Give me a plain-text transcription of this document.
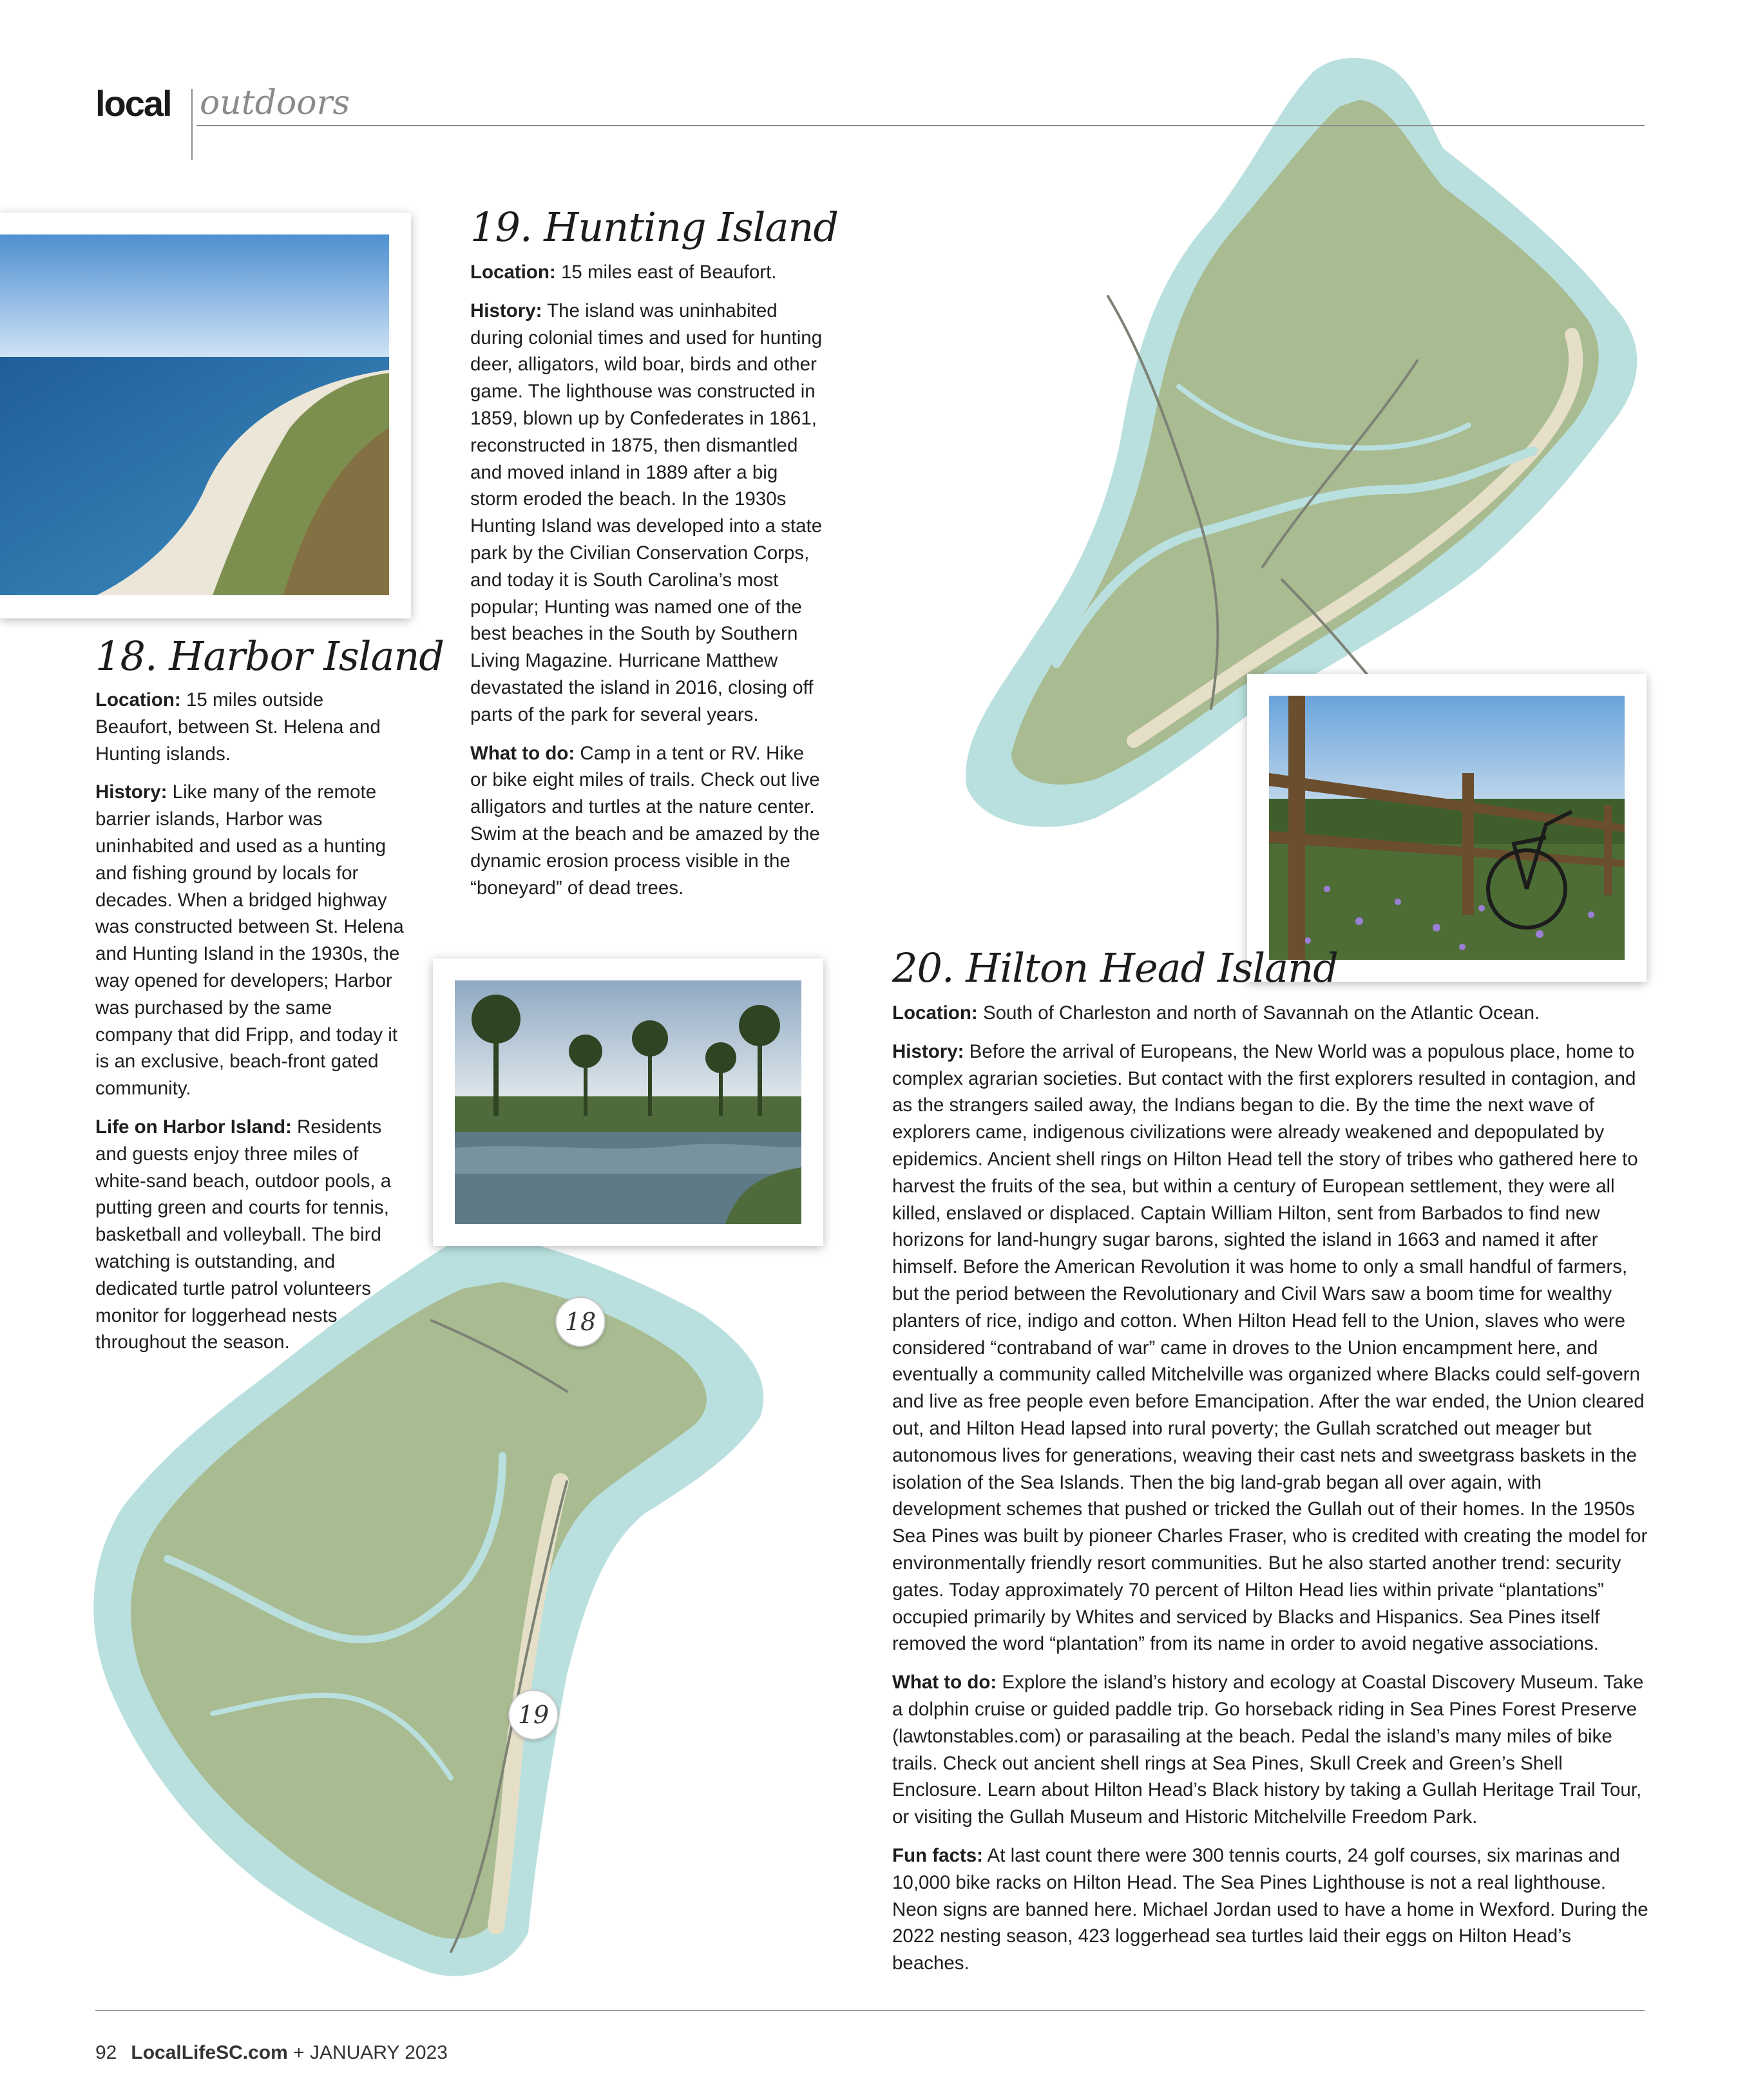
18
19
local outdoors
18. Harbor Island

Location: 15 miles outside Beaufort, between St. Helena and Hunting islands.

History: Like many of the remote barrier islands, Harbor was uninhabited and used as a hunting and fishing ground by locals for decades. When a bridged highway was constructed between St. Helena and Hunting Island in the 1930s, the way opened for developers; Harbor was purchased by the same company that did Fripp, and today it is an exclusive, beach-front gated community.

Life on Harbor Island: Residents and guests enjoy three miles of white-sand beach, outdoor pools, a putting green and courts for tennis, basketball and volleyball. The bird watching is outstanding, and dedicated turtle patrol volunteers monitor for loggerhead nests throughout the season.

19. Hunting Island

Location: 15 miles east of Beaufort.

History: The island was uninhabited during colonial times and used for hunting deer, alligators, wild boar, birds and other game. The lighthouse was constructed in 1859, blown up by Confederates in 1861, reconstructed in 1875, then dismantled and moved inland in 1889 after a big storm eroded the beach. In the 1930s Hunting Island was developed into a state park by the Civilian Conservation Corps, and today it is South Carolina’s most popular; Hunting was named one of the best beaches in the South by Southern Living Magazine. Hurricane Matthew devastated the island in 2016, closing off parts of the park for several years.

What to do: Camp in a tent or RV. Hike or bike eight miles of trails. Check out live alligators and turtles at the nature center. Swim at the beach and be amazed by the dynamic erosion process visible in the “boneyard” of dead trees.

20. Hilton Head Island

Location: South of Charleston and north of Savannah on the Atlantic Ocean.

History: Before the arrival of Europeans, the New World was a populous place, home to complex agrarian societies. But contact with the first explorers resulted in contagion, and as the strangers sailed away, the Indians began to die. By the time the next wave of explorers came, indigenous civilizations were already weakened and depopulated by epidemics. Ancient shell rings on Hilton Head tell the story of tribes who gathered here to harvest the fruits of the sea, but within a century of European settlement, they were all killed, enslaved or displaced. Captain William Hilton, sent from Barbados to find new horizons for land-hungry sugar barons, sighted the island in 1663 and named it after himself. Before the American Revolution it was home to only a small handful of farmers, but the period between the Revolutionary and Civil Wars saw a boom time for wealthy planters of rice, indigo and cotton. When Hilton Head fell to the Union, slaves who were considered “contraband of war” came in droves to the Union encampment here, and eventually a community called Mitchelville was organized where Blacks could self-govern and live as free people even before Emancipation. After the war ended, the Union cleared out, and Hilton Head lapsed into rural poverty; the Gullah scratched out meager but autonomous lives for generations, weaving their cast nets and sweetgrass baskets in the isolation of the Sea Islands. Then the big land-grab began all over again, with development schemes that pushed or tricked the Gullah out of their homes. In the 1950s Sea Pines was built by pioneer Charles Fraser, who is credited with creating the model for environmentally friendly resort communities. But he also started another trend: security gates. Today approximately 70 percent of Hilton Head lies within private “plantations” occupied primarily by Whites and serviced by Blacks and Hispanics. Sea Pines itself removed the word “plantation” from its name in order to avoid negative associations.

What to do: Explore the island’s history and ecology at Coastal Discovery Museum. Take a dolphin cruise or guided paddle trip. Go horseback riding in Sea Pines Forest Preserve (lawtonstables.com) or parasailing at the beach. Pedal the island’s many miles of bike trails. Check out ancient shell rings at Sea Pines, Skull Creek and Green’s Shell Enclosure. Learn about Hilton Head’s Black history by taking a Gullah Heritage Trail Tour, or visiting the Gullah Museum and Historic Mitchelville Freedom Park.

Fun facts: At last count there were 300 tennis courts, 24 golf courses, six marinas and 10,000 bike racks on Hilton Head. The Sea Pines Lighthouse is not a real lighthouse. Neon signs are banned here. Michael Jordan used to have a home in Wexford. During the 2022 nesting season, 423 loggerhead sea turtles laid their eggs on Hilton Head’s beaches.

92 LocalLifeSC.com + JANUARY 2023
